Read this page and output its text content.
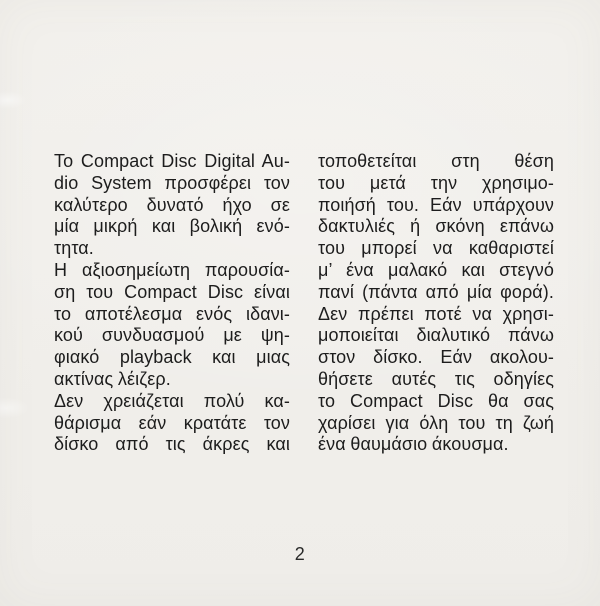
Το Compact Disc Digital Au-
dio System προσφέρει τον
καλύτερο δυνατό ήχο σε
μία μικρή και βολική ενό-
τητα.
Η αξιοσημείωτη παρουσία-
ση του Compact Disc είναι
το αποτέλεσμα ενός ιδανι-
κού συνδυασμού με ψη-
φιακό playback και μιας
ακτίνας λέιζερ.
Δεν χρειάζεται πολύ κα-
θάρισμα εάν κρατάτε τον
δίσκο από τις άκρες και
τοποθετείται στη θέση
του μετά την χρησιμο-
ποιήσή του. Εάν υπάρχουν
δακτυλιές ή σκόνη επάνω
του μπορεί να καθαριστεί
μ’ ένα μαλακό και στεγνό
πανί (πάντα από μία φορά).
Δεν πρέπει ποτέ να χρησι-
μοποιείται διαλυτικό πάνω
στον δίσκο. Εάν ακολου-
θήσετε αυτές τις οδηγίες
το Compact Disc θα σας
χαρίσει για όλη του τη ζωή
ένα θαυμάσιο άκουσμα.
2
